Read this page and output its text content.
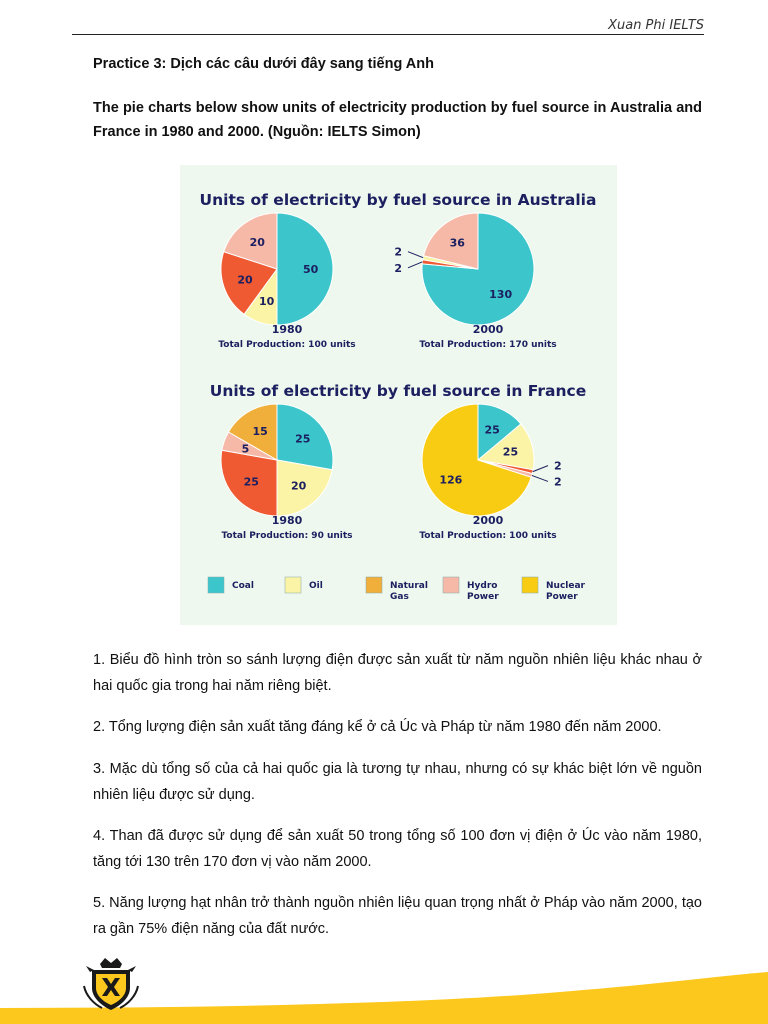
Xuan Phi IELTS
Practice 3: Dịch các câu dưới đây sang tiếng Anh
The pie charts below show units of electricity production by fuel source in Australia and France in 1980 and 2000. (Nguồn: IELTS Simon)
Units of electricity by fuel source in Australia
50
10
20
20
1980
Total Production: 100 units
130
2
2
36
2000
Total Production: 170 units
Units of electricity by fuel source in France
25
20
25
5
15
1980
Total Production: 90 units
25
25
2
2
126
2000
Total Production: 100 units
Coal	Oil	Natural
Gas
Hydro
Power
Nuclear
Power
1. Biểu đồ hình tròn so sánh lượng điện được sản xuất từ năm nguồn nhiên liệu khác nhau ở hai quốc gia trong hai năm riêng biệt.
2. Tổng lượng điện sản xuất tăng đáng kể ở cả Úc và Pháp từ năm 1980 đến năm 2000.
3. Mặc dù tổng số của cả hai quốc gia là tương tự nhau, nhưng có sự khác biệt lớn về nguồn nhiên liệu được sử dụng.
4. Than đã được sử dụng để sản xuất 50 trong tổng số 100 đơn vị điện ở Úc vào năm 1980, tăng tới 130 trên 170 đơn vị vào năm 2000.
5. Năng lượng hạt nhân trở thành nguồn nhiên liệu quan trọng nhất ở Pháp vào năm 2000, tạo ra gần 75% điện năng của đất nước.
